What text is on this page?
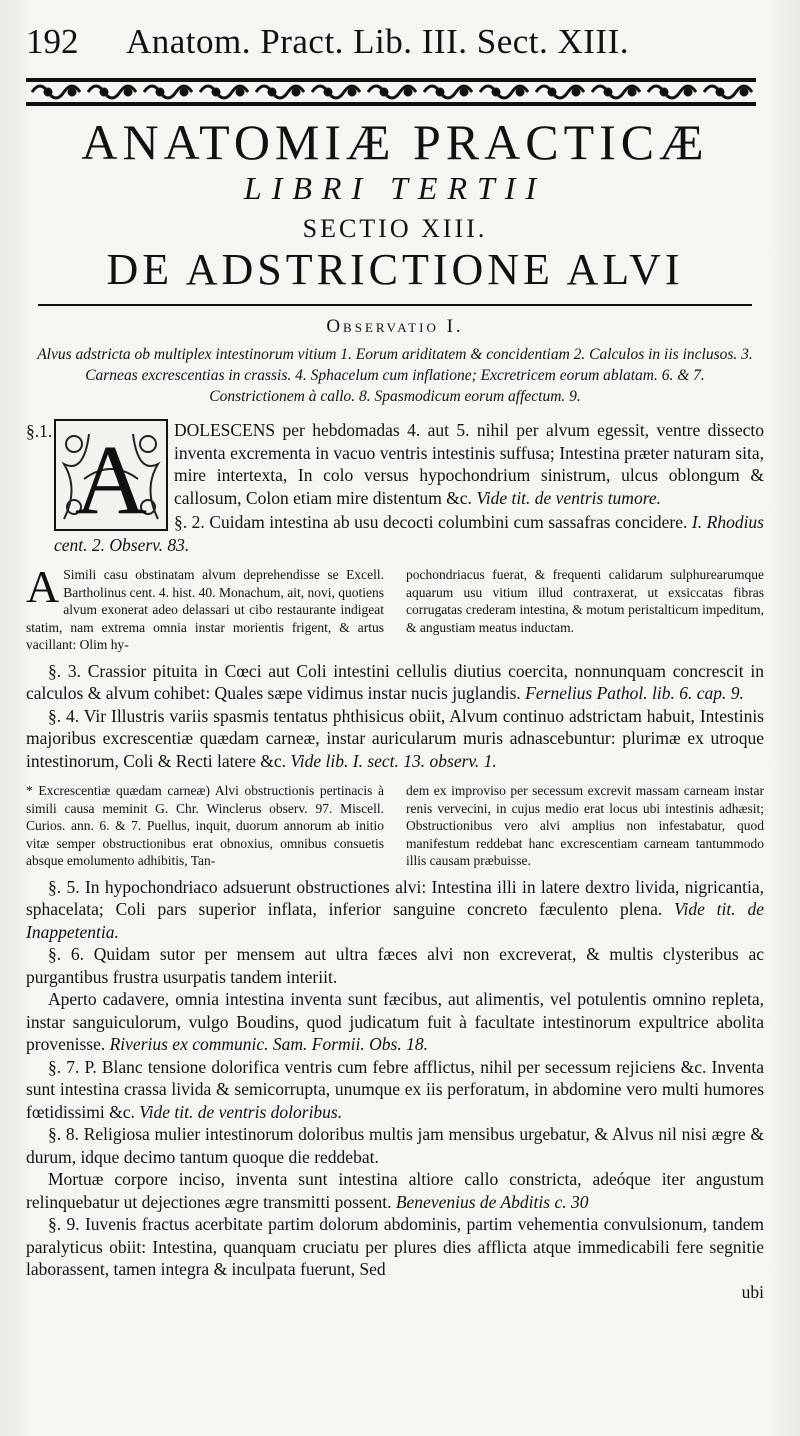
192	Anatom. Pract. Lib. III. Sect. XIII.
ANATOMIÆ PRACTICÆ
LIBRI TERTII
SECTIO XIII.
DE ADSTRICTIONE ALVI
Observatio I.
Alvus adstricta ob multiplex intestinorum vitium 1. Eorum ariditatem & concidentiam 2. Calculos in iis inclusos. 3. Carneas excrescentias in crassis. 4. Sphacelum cum inflatione; Excretricem eorum ablatam. 6. & 7. Constrictionem à callo. 8. Spasmodicum eorum affectum. 9.
§.1. A DOLESCENS per hebdomadas 4. aut 5. nihil per alvum egessit, ventre dissecto inventa excrementa in vacuo ventris intestinis suffusa; Intestina præter naturam sita, mire intertexta, In colo versus hypochondrium sinistrum, ulcus oblongum & callosum, Colon etiam mire distentum &c. Vide tit. de ventris tumore.
§. 2. Cuidam intestina ab usu decocti columbini cum sassafras concidere. I. Rhodius cent. 2. Observ. 83.

A Simili casu obstinatam alvum deprehendisse se Excell. Bartholinus cent. 4. hist. 40. Monachum, ait, novi, quotiens alvum exonerat adeo delassari ut cibo restaurante indigeat statim, nam extrema omnia instar morientis frigent, & artus vacillant: Olim hy-

pochondriacus fuerat, & frequenti calidarum sulphurearumque aquarum usu vitium illud contraxerat, ut exsiccatas fibras corrugatas crederam intestina, & motum peristalticum impeditum, & angustiam meatus inductam.

§. 3. Crassior pituita in Cœci aut Coli intestini cellulis diutius coercita, nonnunquam concrescit in calculos & alvum cohibet: Quales sæpe vidimus instar nucis juglandis. Fernelius Pathol. lib. 6. cap. 9.

§. 4. Vir Illustris variis spasmis tentatus phthisicus obiit, Alvum continuo adstrictam habuit, Intestinis majoribus excrescentiæ quædam carneæ, instar auricularum muris adnascebuntur: plurimæ ex utroque intestinorum, Coli & Recti latere &c. Vide lib. I. sect. 13. observ. 1.

* Excrescentiæ quædam carneæ) Alvi obstructionis pertinacis à simili causa meminit G. Chr. Winclerus observ. 97. Miscell. Curios. ann. 6. & 7. Puellus, inquit, duorum annorum ab initio vitæ semper obstructionibus erat obnoxius, omnibus consuetis absque emolumento adhibitis, Tan-

dem ex improviso per secessum excrevit massam carneam instar renis vervecini, in cujus medio erat locus ubi intestinis adhæsit; Obstructionibus vero alvi amplius non infestabatur, quod manifestum reddebat hanc excrescentiam carneam tantummodo illis causam præbuisse.

§. 5. In hypochondriaco adsuerunt obstructiones alvi: Intestina illi in latere dextro livida, nigricantia, sphacelata; Coli pars superior inflata, inferior sanguine concreto fæculento plena. Vide tit. de Inappetentia.

§. 6. Quidam sutor per mensem aut ultra fæces alvi non excreverat, & multis clysteribus ac purgantibus frustra usurpatis tandem interiit.

Aperto cadavere, omnia intestina inventa sunt fæcibus, aut alimentis, vel potulentis omnino repleta, instar sanguiculorum, vulgo Boudins, quod judicatum fuit à facultate intestinorum expultrice abolita provenisse. Riverius ex communic. Sam. Formii. Obs. 18.

§. 7. P. Blanc tensione dolorifica ventris cum febre afflictus, nihil per secessum rejiciens &c. Inventa sunt intestina crassa livida & semicorrupta, unumque ex iis perforatum, in abdomine vero multi humores fœtidissimi &c. Vide tit. de ventris doloribus.

§. 8. Religiosa mulier intestinorum doloribus multis jam mensibus urgebatur, & Alvus nil nisi ægre & durum, idque decimo tantum quoque die reddebat.

Mortuæ corpore inciso, inventa sunt intestina altiore callo constricta, adeóque iter angustum relinquebatur ut dejectiones ægre transmitti possent. Benevenius de Abditis c. 30

§. 9. Iuvenis fractus acerbitate partim dolorum abdominis, partim vehementia convulsionum, tandem paralyticus obiit: Intestina, quanquam cruciatu per plures dies afflicta atque immedicabili fere segnitie laborassent, tamen integra & inculpata fuerunt, Sed

ubi
